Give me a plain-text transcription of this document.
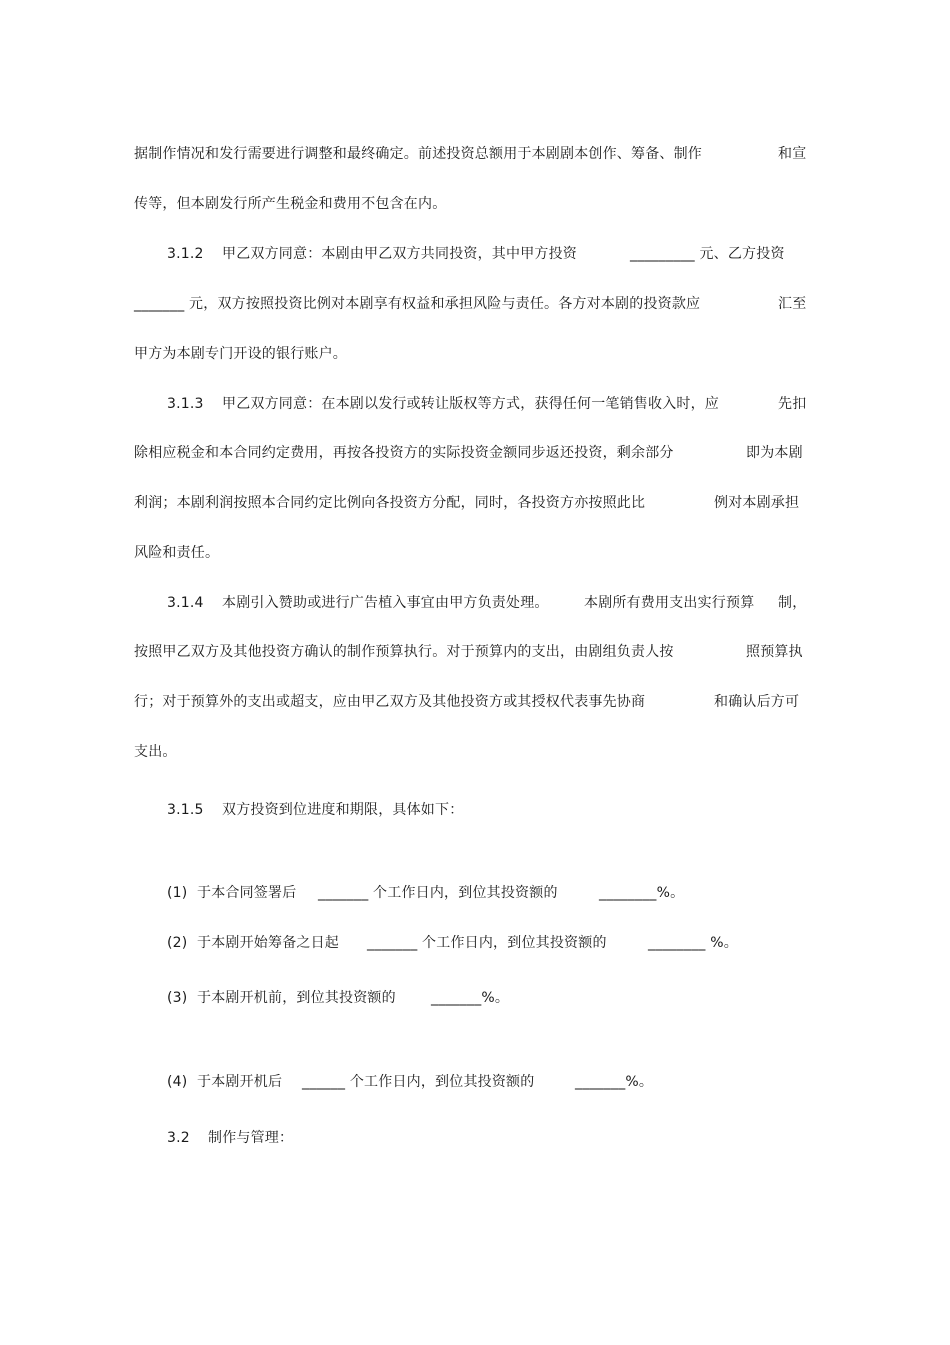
据制作情况和发行需要进行调整和最终确定。前述投资总额用于本剧剧本创作、筹备、制作	和宣
传等，但本剧发行所产生税金和费用不包含在内。
3.1.2 甲乙双方同意：本剧由甲乙双方共同投资，其中甲方投资	_________ 元、乙方投资
_______ 元，双方按照投资比例对本剧享有权益和承担风险与责任。各方对本剧的投资款应	汇至
甲方为本剧专门开设的银行账户。
3.1.3 甲乙双方同意：在本剧以发行或转让版权等方式，获得任何一笔销售收入时，应	先扣
除相应税金和本合同约定费用，再按各投资方的实际投资金额同步返还投资，剩余部分	即为本剧
利润；本剧利润按照本合同约定比例向各投资方分配，同时，各投资方亦按照此比	例对本剧承担
风险和责任。
3.1.4 本剧引入赞助或进行广告植入事宜由甲方负责处理。	本剧所有费用支出实行预算 制，
按照甲乙双方及其他投资方确认的制作预算执行。对于预算内的支出，由剧组负责人按	照预算执
行；对于预算外的支出或超支，应由甲乙双方及其他投资方或其授权代表事先协商	和确认后方可
支出。
3.1.5 双方投资到位进度和期限，具体如下：
(1) 于本合同签署后 _______ 个工作日内，到位其投资额的	________%。
(2) 于本剧开始筹备之日起 _______ 个工作日内，到位其投资额的	________ %。
(3) 于本剧开机前，到位其投资额的	_______%。
(4) 于本剧开机后 ______ 个工作日内，到位其投资额的	_______%。
3.2 制作与管理：
